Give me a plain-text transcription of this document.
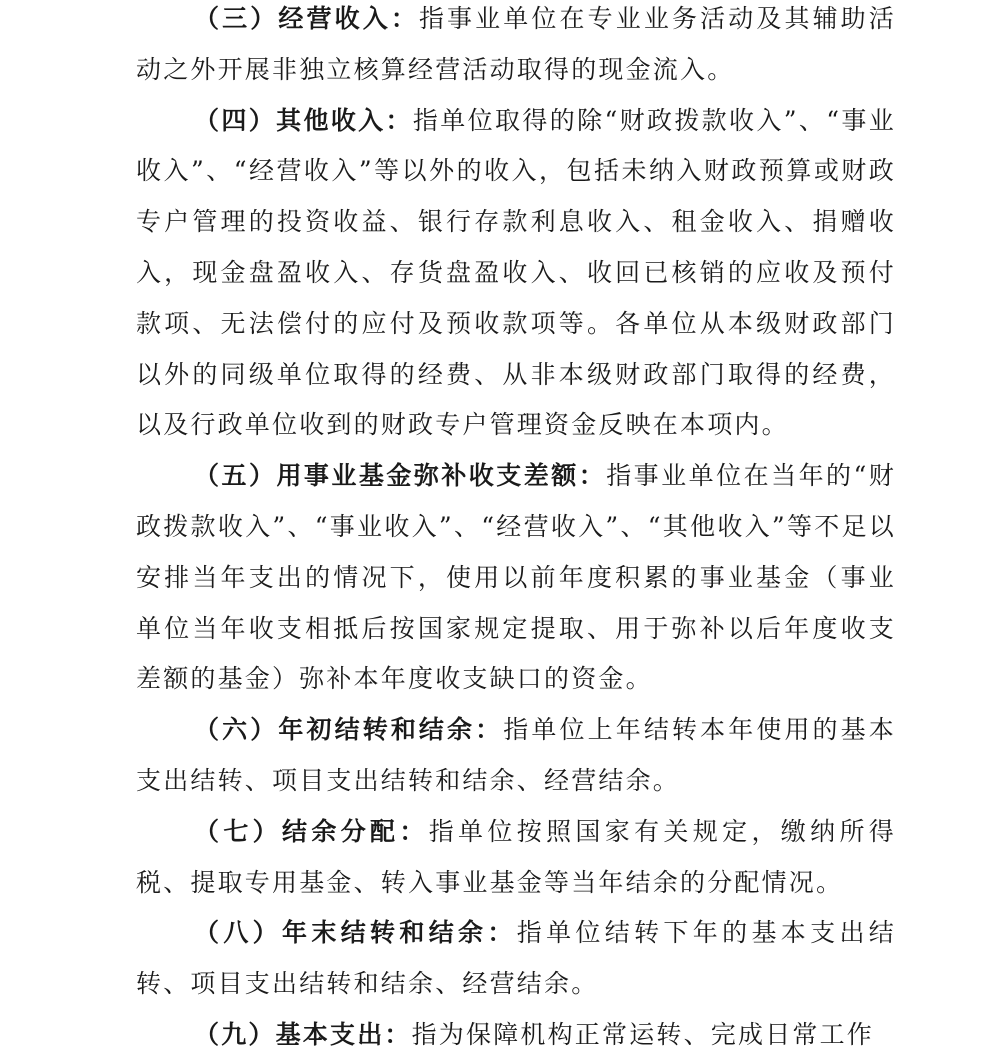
（三）经营收入：指事业单位在专业业务活动及其辅助活动之外开展非独立核算经营活动取得的现金流入。

（四）其他收入：指单位取得的除“财政拨款收入”、“事业收入”、“经营收入”等以外的收入，包括未纳入财政预算或财政专户管理的投资收益、银行存款利息收入、租金收入、捐赠收入，现金盘盈收入、存货盘盈收入、收回已核销的应收及预付款项、无法偿付的应付及预收款项等。各单位从本级财政部门以外的同级单位取得的经费、从非本级财政部门取得的经费，以及行政单位收到的财政专户管理资金反映在本项内。

（五）用事业基金弥补收支差额：指事业单位在当年的“财政拨款收入”、“事业收入”、“经营收入”、“其他收入”等不足以安排当年支出的情况下，使用以前年度积累的事业基金（事业单位当年收支相抵后按国家规定提取、用于弥补以后年度收支差额的基金）弥补本年度收支缺口的资金。

（六）年初结转和结余：指单位上年结转本年使用的基本支出结转、项目支出结转和结余、经营结余。

（七）结余分配：指单位按照国家有关规定，缴纳所得税、提取专用基金、转入事业基金等当年结余的分配情况。

（八）年末结转和结余：指单位结转下年的基本支出结转、项目支出结转和结余、经营结余。

（九）基本支出：指为保障机构正常运转、完成日常工作
